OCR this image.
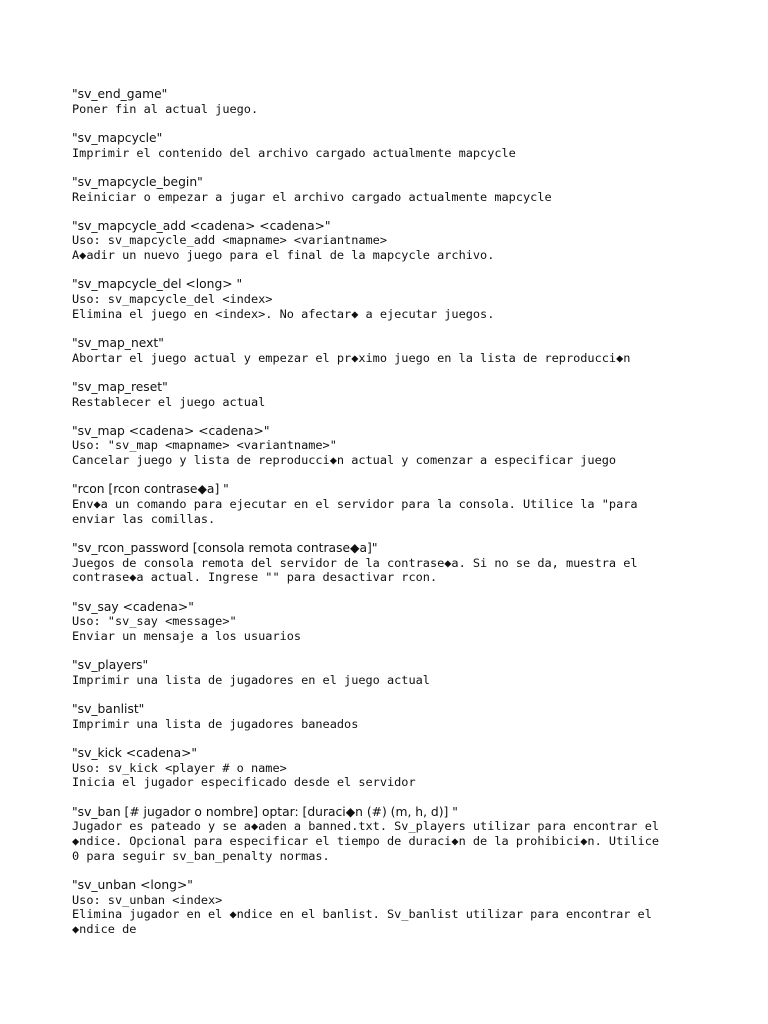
"sv_end_game"
Poner fin al actual juego.
"sv_mapcycle"
Imprimir el contenido del archivo cargado actualmente mapcycle
"sv_mapcycle_begin"
Reiniciar o empezar a jugar el archivo cargado actualmente mapcycle
"sv_mapcycle_add <cadena> <cadena>"
Uso: sv_mapcycle_add <mapname> <variantname>
A◆adir un nuevo juego para el final de la mapcycle archivo.
"sv_mapcycle_del <long> "
Uso: sv_mapcycle_del <index>
Elimina el juego en <index>. No afectar◆ a ejecutar juegos.
"sv_map_next"
Abortar el juego actual y empezar el pr◆ximo juego en la lista de reproducci◆n
"sv_map_reset"
Restablecer el juego actual
"sv_map <cadena> <cadena>"
Uso: "sv_map <mapname> <variantname>"
Cancelar juego y lista de reproducci◆n actual y comenzar a especificar juego
"rcon [rcon contrase◆a] "
Env◆a un comando para ejecutar en el servidor para la consola. Utilice la "para
enviar las comillas.
"sv_rcon_password [consola remota contrase◆a]"
Juegos de consola remota del servidor de la contrase◆a. Si no se da, muestra el
contrase◆a actual. Ingrese "" para desactivar rcon.
"sv_say <cadena>"
Uso: "sv_say <message>"
Enviar un mensaje a los usuarios
"sv_players"
Imprimir una lista de jugadores en el juego actual
"sv_banlist"
Imprimir una lista de jugadores baneados
"sv_kick <cadena>"
Uso: sv_kick <player # o name>
Inicia el jugador especificado desde el servidor
"sv_ban [# jugador o nombre] optar: [duraci◆n (#) (m, h, d)] "
Jugador es pateado y se a◆aden a banned.txt. Sv_players utilizar para encontrar el
◆ndice. Opcional para especificar el tiempo de duraci◆n de la prohibici◆n. Utilice
0 para seguir sv_ban_penalty normas.
"sv_unban <long>"
Uso: sv_unban <index>
Elimina jugador en el ◆ndice en el banlist. Sv_banlist utilizar para encontrar el
◆ndice de
